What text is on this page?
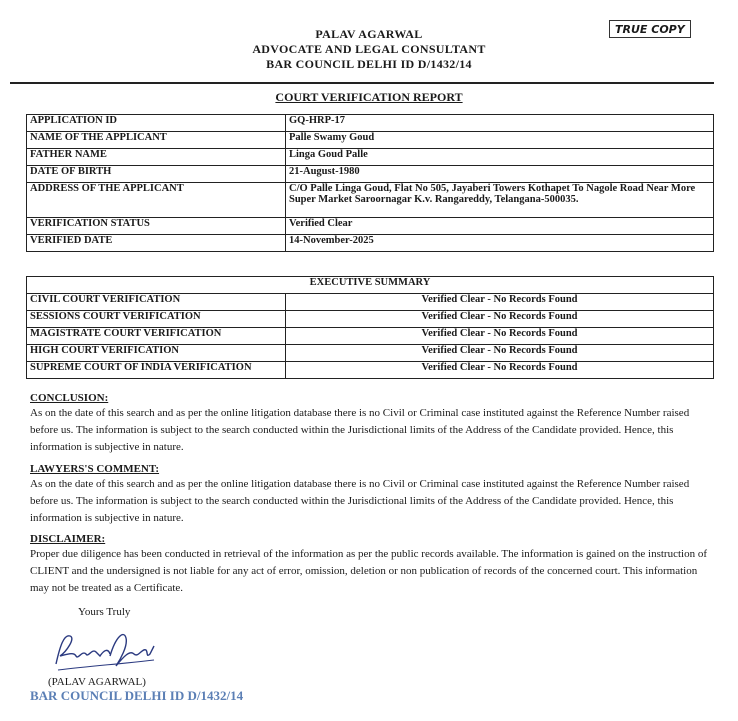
PALAV AGARWAL
ADVOCATE AND LEGAL CONSULTANT
BAR COUNCIL DELHI ID D/1432/14
TRUE COPY
COURT VERIFICATION REPORT
APPLICATION ID	GQ-HRP-17
NAME OF THE APPLICANT	Palle Swamy Goud
FATHER NAME	Linga Goud Palle
DATE OF BIRTH	21-August-1980
ADDRESS OF THE APPLICANT	C/O Palle Linga Goud, Flat No 505, Jayaberi Towers Kothapet To Nagole Road Near More Super Market Saroornagar K.v. Rangareddy, Telangana-500035.
VERIFICATION STATUS	Verified Clear
VERIFIED DATE	14-November-2025
EXECUTIVE SUMMARY	
CIVIL COURT VERIFICATION	Verified Clear - No Records Found
SESSIONS COURT VERIFICATION	Verified Clear - No Records Found
MAGISTRATE COURT VERIFICATION	Verified Clear - No Records Found
HIGH COURT VERIFICATION	Verified Clear - No Records Found
SUPREME COURT OF INDIA VERIFICATION	Verified Clear - No Records Found
CONCLUSION:
As on the date of this search and as per the online litigation database there is no Civil or Criminal case instituted against the Reference Number raised before us. The information is subject to the search conducted within the Jurisdictional limits of the Address of the Candidate provided. Hence, this information is subjective in nature.
LAWYERS'S COMMENT:
As on the date of this search and as per the online litigation database there is no Civil or Criminal case instituted against the Reference Number raised before us. The information is subject to the search conducted within the Jurisdictional limits of the Address of the Candidate provided. Hence, this information is subjective in nature.
DISCLAIMER:
Proper due diligence has been conducted in retrieval of the information as per the public records available. The information is gained on the instruction of CLIENT and the undersigned is not liable for any act of error, omission, deletion or non publication of records of the concerned court. This information may not be treated as a Certificate.
Yours Truly
(PALAV AGARWAL)
BAR COUNCIL DELHI ID D/1432/14
